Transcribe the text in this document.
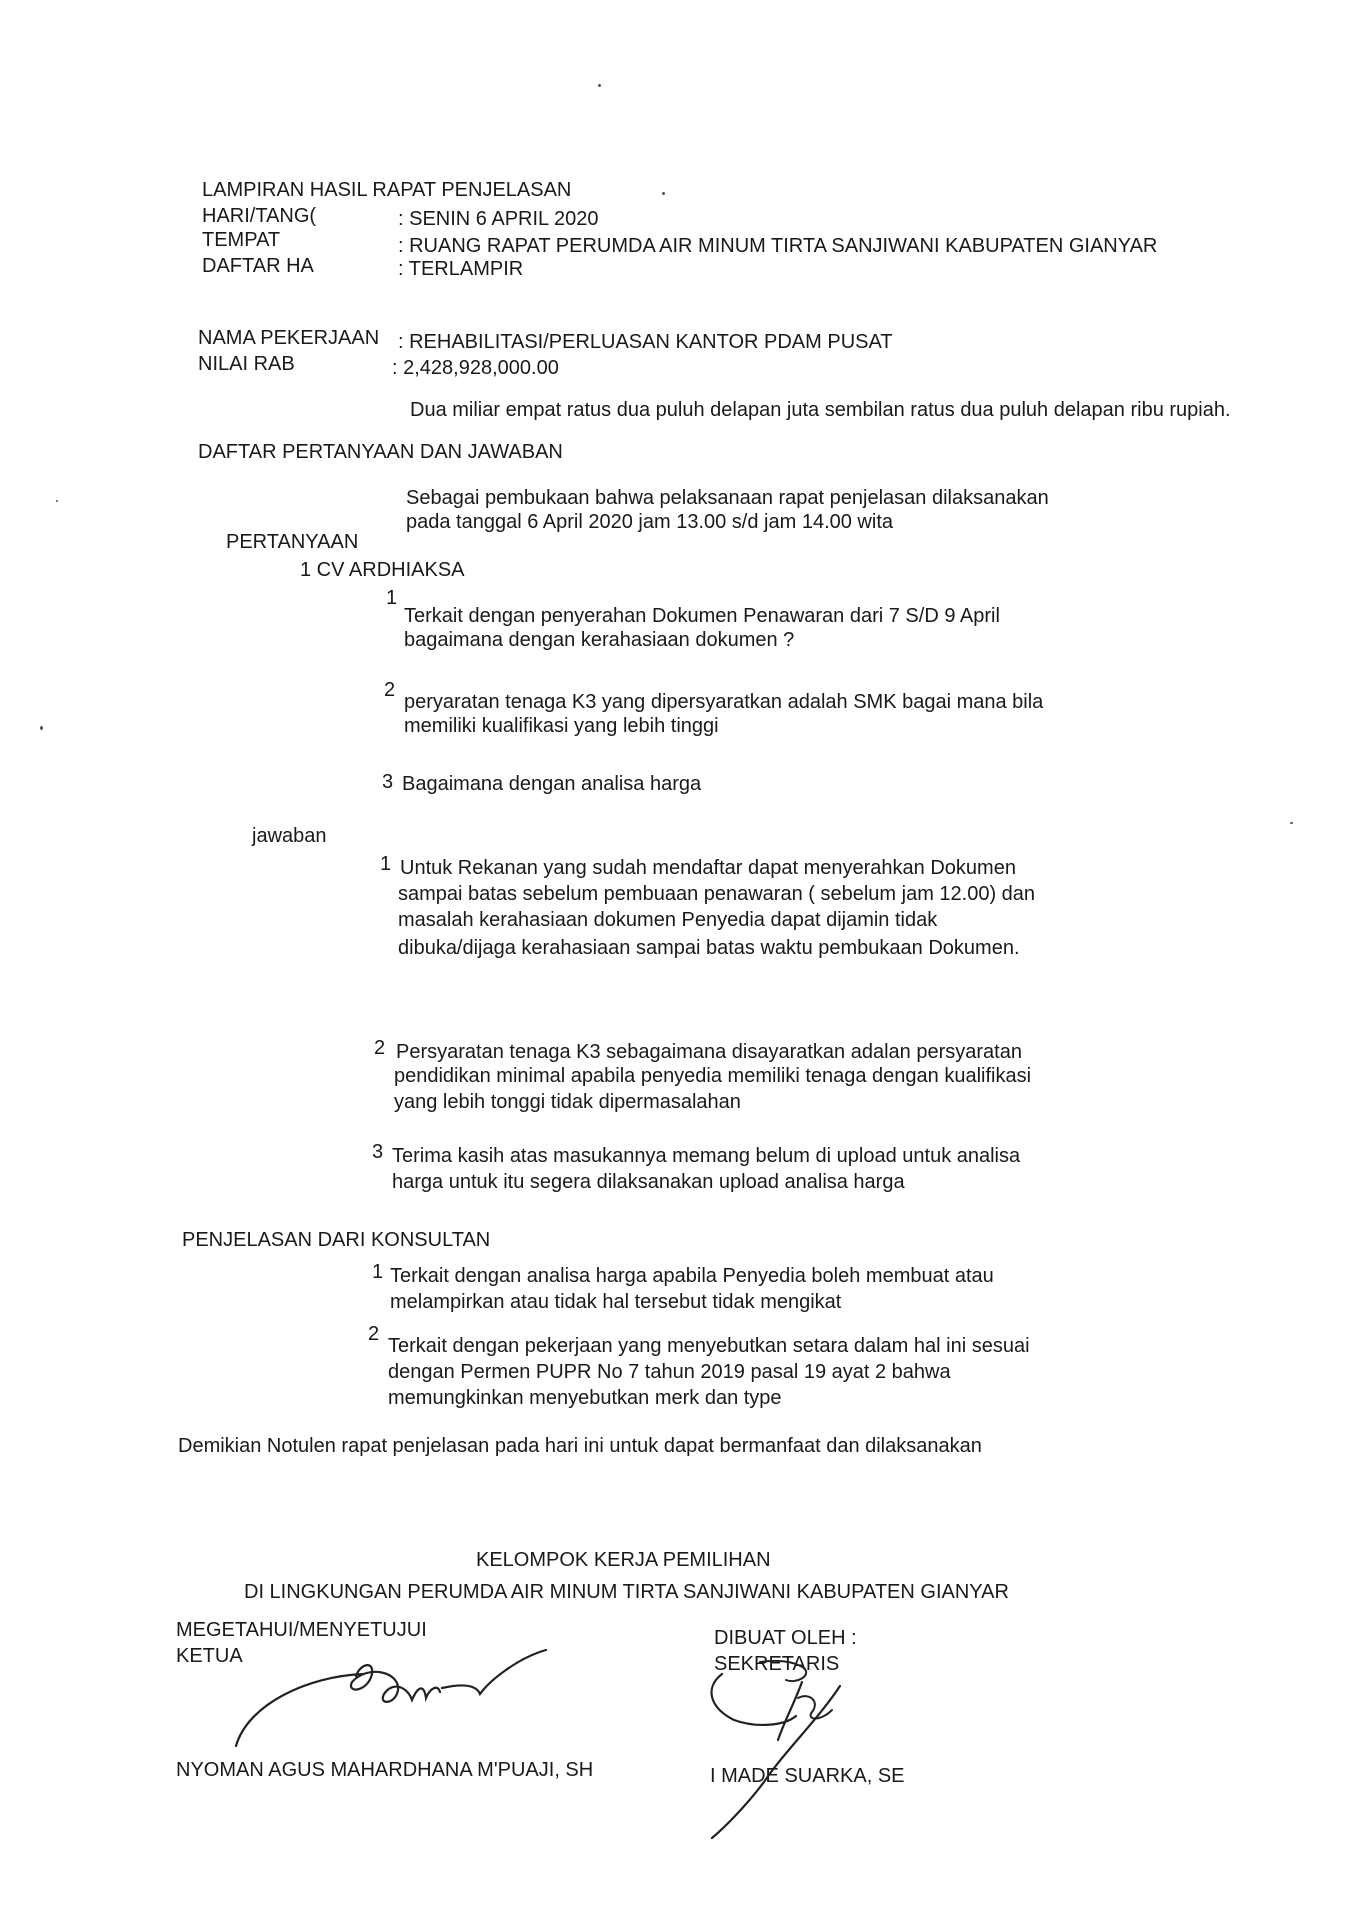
LAMPIRAN HASIL RAPAT PENJELASAN
HARI/TANG(	: SENIN 6 APRIL 2020
TEMPAT	: RUANG RAPAT PERUMDA AIR MINUM TIRTA SANJIWANI KABUPATEN GIANYAR
DAFTAR HA	: TERLAMPIR
NAMA PEKERJAAN : REHABILITASI/PERLUASAN KANTOR PDAM PUSAT
NILAI RAB	: 2,428,928,000.00
Dua miliar empat ratus dua puluh delapan juta sembilan ratus dua puluh delapan ribu rupiah.
DAFTAR PERTANYAAN DAN JAWABAN
Sebagai pembukaan bahwa pelaksanaan rapat penjelasan dilaksanakan
pada tanggal 6 April 2020 jam 13.00 s/d jam 14.00 wita
PERTANYAAN
1 CV ARDHIAKSA
1
Terkait dengan penyerahan Dokumen Penawaran dari 7 S/D 9 April
bagaimana dengan kerahasiaan dokumen ?
2
peryaratan tenaga K3 yang dipersyaratkan adalah SMK bagai mana bila
memiliki kualifikasi yang lebih tinggi
3 Bagaimana dengan analisa harga
jawaban
1 Untuk Rekanan yang sudah mendaftar dapat menyerahkan Dokumen
sampai batas sebelum pembuaan penawaran ( sebelum jam 12.00) dan
masalah kerahasiaan dokumen Penyedia dapat dijamin tidak
dibuka/dijaga kerahasiaan sampai batas waktu pembukaan Dokumen.
2 Persyaratan tenaga K3 sebagaimana disayaratkan adalan persyaratan
pendidikan minimal apabila penyedia memiliki tenaga dengan kualifikasi
yang lebih tonggi tidak dipermasalahan
3 Terima kasih atas masukannya memang belum di upload untuk analisa
harga untuk itu segera dilaksanakan upload analisa harga
PENJELASAN DARI KONSULTAN
1 Terkait dengan analisa harga apabila Penyedia boleh membuat atau
melampirkan atau tidak hal tersebut tidak mengikat
2
Terkait dengan pekerjaan yang menyebutkan setara dalam hal ini sesuai
dengan Permen PUPR No 7 tahun 2019 pasal 19 ayat 2 bahwa
memungkinkan menyebutkan merk dan type
Demikian Notulen rapat penjelasan pada hari ini untuk dapat bermanfaat dan dilaksanakan
KELOMPOK KERJA PEMILIHAN
DI LINGKUNGAN PERUMDA AIR MINUM TIRTA SANJIWANI KABUPATEN GIANYAR
MEGETAHUI/MENYETUJUI
KETUA
NYOMAN AGUS MAHARDHANA M'PUAJI, SH
DIBUAT OLEH :
SEKRETARIS
I MADE SUARKA, SE
